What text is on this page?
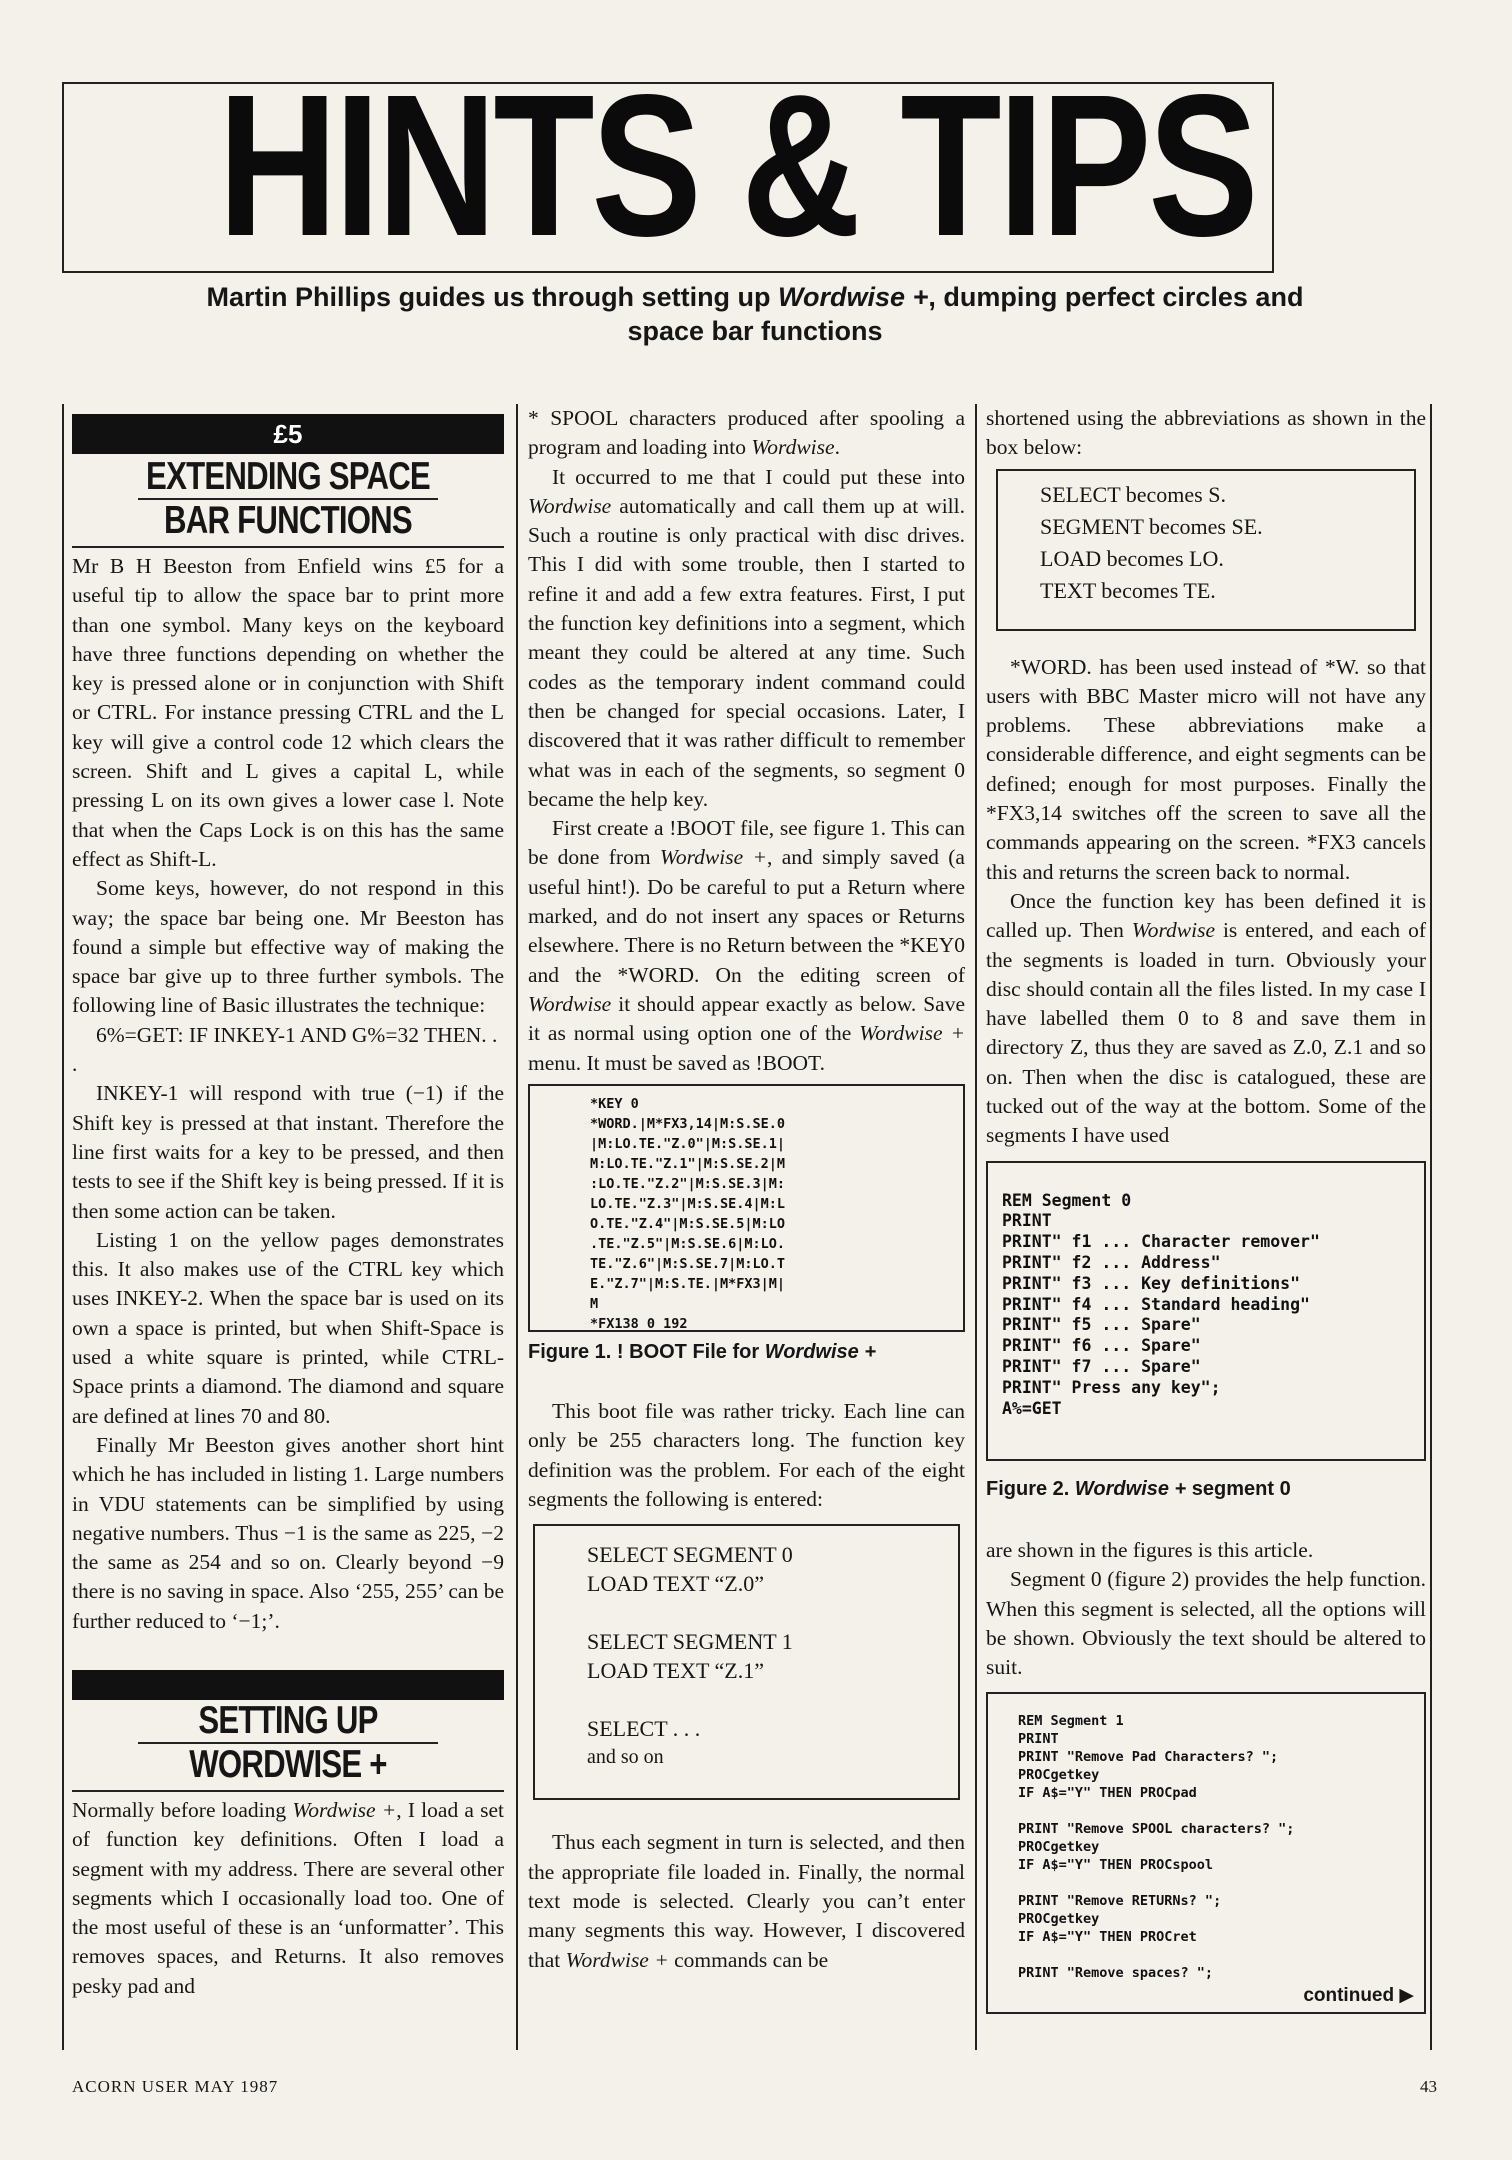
HINTS & TIPS
Martin Phillips guides us through setting up Wordwise +, dumping perfect circles and space bar functions
£5
EXTENDING SPACE
BAR FUNCTIONS

Mr B H Beeston from Enfield wins £5 for a useful tip to allow the space bar to print more than one symbol. Many keys on the keyboard have three functions depending on whether the key is pressed alone or in conjunction with Shift or CTRL. For instance pressing CTRL and the L key will give a control code 12 which clears the screen. Shift and L gives a capital L, while pressing L on its own gives a lower case l. Note that when the Caps Lock is on this has the same effect as Shift-L.

Some keys, however, do not respond in this way; the space bar being one. Mr Beeston has found a simple but effective way of making the space bar give up to three further symbols. The following line of Basic illustrates the technique:

6%=GET: IF INKEY-1 AND G%=32 THEN. . .

INKEY-1 will respond with true (−1) if the Shift key is pressed at that instant. Therefore the line first waits for a key to be pressed, and then tests to see if the Shift key is being pressed. If it is then some action can be taken.

Listing 1 on the yellow pages demonstrates this. It also makes use of the CTRL key which uses INKEY-2. When the space bar is used on its own a space is printed, but when Shift-Space is used a white square is printed, while CTRL-Space prints a diamond. The diamond and square are defined at lines 70 and 80.

Finally Mr Beeston gives another short hint which he has included in listing 1. Large numbers in VDU statements can be simplified by using negative numbers. Thus −1 is the same as 225, −2 the same as 254 and so on. Clearly beyond −9 there is no saving in space. Also ‘255, 255’ can be further reduced to ‘−1;’.

SETTING UP
WORDWISE +

Normally before loading Wordwise +, I load a set of function key definitions. Often I load a segment with my address. There are several other segments which I occasionally load too. One of the most useful of these is an ‘unformatter’. This removes spaces, and Returns. It also removes pesky pad and

* SPOOL characters produced after spooling a program and loading into Wordwise.

It occurred to me that I could put these into Wordwise automatically and call them up at will. Such a routine is only practical with disc drives. This I did with some trouble, then I started to refine it and add a few extra features. First, I put the function key definitions into a segment, which meant they could be altered at any time. Such codes as the temporary indent command could then be changed for special occasions. Later, I discovered that it was rather difficult to remember what was in each of the segments, so segment 0 became the help key.

First create a !BOOT file, see figure 1. This can be done from Wordwise +, and simply saved (a useful hint!). Do be careful to put a Return where marked, and do not insert any spaces or Returns elsewhere. There is no Return between the *KEY0 and the *WORD. On the editing screen of Wordwise it should appear exactly as below. Save it as normal using option one of the Wordwise + menu. It must be saved as !BOOT.

*KEY 0
*WORD.|M*FX3,14|M:S.SE.0
|M:LO.TE."Z.0"|M:S.SE.1|
M:LO.TE."Z.1"|M:S.SE.2|M
:LO.TE."Z.2"|M:S.SE.3|M:
LO.TE."Z.3"|M:S.SE.4|M:L
O.TE."Z.4"|M:S.SE.5|M:LO
.TE."Z.5"|M:S.SE.6|M:LO.
TE."Z.6"|M:S.SE.7|M:LO.T
E."Z.7"|M:S.TE.|M*FX3|M|
M
*FX138 0 192
Figure 1. ! BOOT File for Wordwise +

This boot file was rather tricky. Each line can only be 255 characters long. The function key definition was the problem. For each of the eight segments the following is entered:

SELECT SEGMENT 0
LOAD TEXT “Z.0”
SELECT SEGMENT 1
LOAD TEXT “Z.1”
SELECT . . .
and so on

Thus each segment in turn is selected, and then the appropriate file loaded in. Finally, the normal text mode is selected. Clearly you can’t enter many segments this way. However, I discovered that Wordwise + commands can be

shortened using the abbreviations as shown in the box below:

SELECT becomes S.
SEGMENT becomes SE.
LOAD becomes LO.
TEXT becomes TE.

*WORD. has been used instead of *W. so that users with BBC Master micro will not have any problems. These abbreviations make a considerable difference, and eight segments can be defined; enough for most purposes. Finally the *FX3,14 switches off the screen to save all the commands appearing on the screen. *FX3 cancels this and returns the screen back to normal.

Once the function key has been defined it is called up. Then Wordwise is entered, and each of the segments is loaded in turn. Obviously your disc should contain all the files listed. In my case I have labelled them 0 to 8 and save them in directory Z, thus they are saved as Z.0, Z.1 and so on. Then when the disc is catalogued, these are tucked out of the way at the bottom. Some of the segments I have used

REM Segment 0
PRINT
PRINT" f1 ... Character remover"
PRINT" f2 ... Address"
PRINT" f3 ... Key definitions"
PRINT" f4 ... Standard heading"
PRINT" f5 ... Spare"
PRINT" f6 ... Spare"
PRINT" f7 ... Spare"
PRINT" Press any key";
A%=GET
Figure 2. Wordwise + segment 0

are shown in the figures is this article.

Segment 0 (figure 2) provides the help function. When this segment is selected, all the options will be shown. Obviously the text should be altered to suit.

REM Segment 1
PRINT
PRINT "Remove Pad Characters? ";
PROCgetkey
IF A$="Y" THEN PROCpad

PRINT "Remove SPOOL characters? ";
PROCgetkey
IF A$="Y" THEN PROCspool

PRINT "Remove RETURNs? ";
PROCgetkey
IF A$="Y" THEN PROCret

PRINT "Remove spaces? ";
continued ▶
ACORN USER MAY 1987	43
